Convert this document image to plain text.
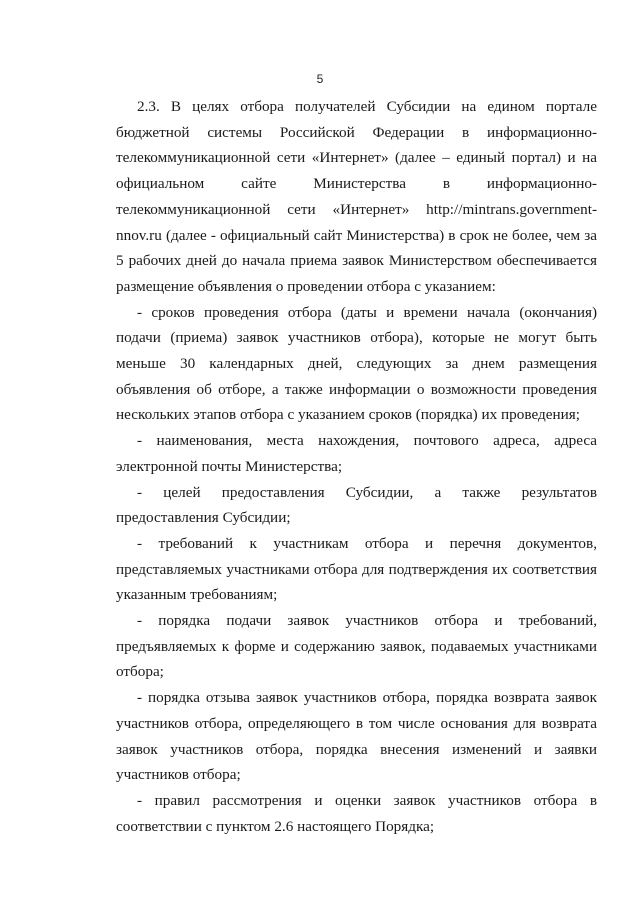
5

2.3. В целях отбора получателей Субсидии на едином портале бюджетной системы Российской Федерации в информационно-телекоммуникационной сети «Интернет» (далее – единый портал) и на официальном сайте Министерства в информационно-телекоммуникационной сети «Интернет» http://mintrans.government-nnov.ru (далее - официальный сайт Министерства) в срок не более, чем за 5 рабочих дней до начала приема заявок Министерством обеспечивается размещение объявления о проведении отбора с указанием:

- сроков проведения отбора (даты и времени начала (окончания) подачи (приема) заявок участников отбора), которые не могут быть меньше 30 календарных дней, следующих за днем размещения объявления об отборе, а также информации о возможности проведения нескольких этапов отбора с указанием сроков (порядка) их проведения;

- наименования, места нахождения, почтового адреса, адреса электронной почты Министерства;

- целей предоставления Субсидии, а также результатов предоставления Субсидии;

- требований к участникам отбора и перечня документов, представляемых участниками отбора для подтверждения их соответствия указанным требованиям;

- порядка подачи заявок участников отбора и требований, предъявляемых к форме и содержанию заявок, подаваемых участниками отбора;

- порядка отзыва заявок участников отбора, порядка возврата заявок участников отбора, определяющего в том числе основания для возврата заявок участников отбора, порядка внесения изменений и заявки участников отбора;

- правил рассмотрения и оценки заявок участников отбора в соответствии с пунктом 2.6 настоящего Порядка;
